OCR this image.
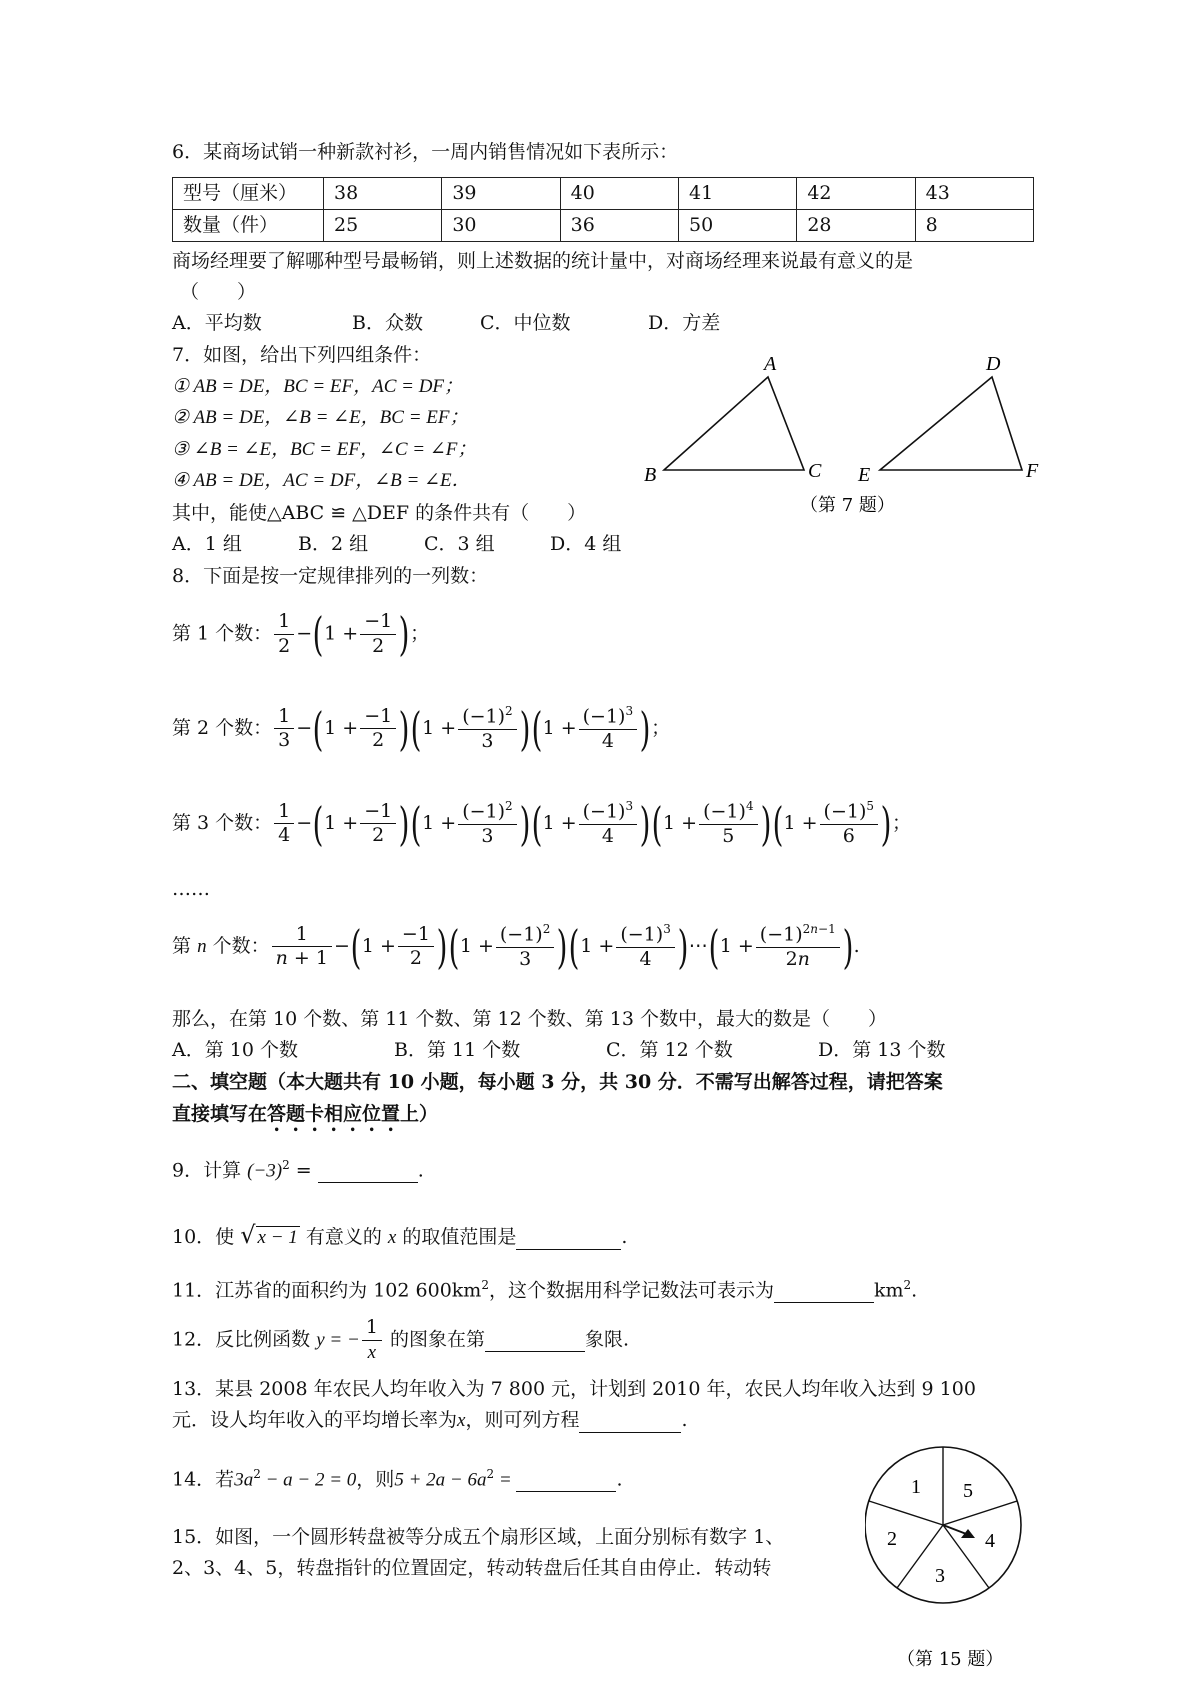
6．某商场试销一种新款衬衫，一周内销售情况如下表所示：
型号（厘米）	38	39	40	41	42	43
数量（件）	25	30	36	50	28	8
商场经理要了解哪种型号最畅销，则上述数据的统计量中，对商场经理来说最有意义的是
（　　）
A．平均数	B．众数	C．中位数	D．方差
7．如图，给出下列四组条件：
① AB = DE，BC = EF，AC = DF；
② AB = DE，∠B = ∠E，BC = EF；
③ ∠B = ∠E，BC = EF，∠C = ∠F；
④ AB = DE，AC = DF，∠B = ∠E．
其中，能使△ABC ≌ △DEF 的条件共有（　　）
A．1 组	B．2 组	C．3 组	D．4 组
A
B	C
D
E	F
（第 7 题）
8．下面是按一定规律排列的一列数：
第 1 个数： $\frac{1}{2} -(1 + \frac{-1}{2}$ )；
第 2 个数： $\frac{1}{3} -(1 + \frac{-1}{2} )(1 + \frac{(-1)^2}{3} )(1 + \frac{(-1)^3}{4}$ )；
第 3 个数： $\frac{1}{4} -(1 + \frac{-1}{2} )(1 + \frac{(-1)^2}{3} )(1 + \frac{(-1)^3}{4} )(1 + \frac{(-1)^4}{5} )(1 + \frac{(-1)^5}{6}$ )；
……
第 n 个数： $\frac{1}{n + 1} -(1 + \frac{-1}{2} )(1 + \frac{(-1)^2}{3} )(1 + \frac{(-1)^3}{4}$ )⋯(1 + $\frac{(-1)^{2n-1}}{2n}$ ).
那么，在第 10 个数、第 11 个数、第 12 个数、第 13 个数中，最大的数是（　　）
A．第 10 个数	B．第 11 个数	C．第 12 个数	D．第 13 个数
二、填空题（本大题共有 10 小题，每小题 3 分，共 30 分．不需写出解答过程，请把答案
直接填写在答题卡相应位置上）
9．计算 $(-3)^2$ =	.
10．使 √ x − 1 有意义的 x 的取值范围是	.
11．江苏省的面积约为 102 $600km^2$，这个数据用科学记数法可表示为	$km^2$.
12．反比例函数 y = − $\frac{1}{x}$ 的图象在第	象限.
13．某县 2008 年农民人均年收入为 7 800 元，计划到 2010 年，农民人均年收入达到 9 100
元．设人均年收入的平均增长率为x，则可列方程	.
14．若$3a^2 - a - 2 = 0$，则$5 + 2a - 6a^2$ =	.
15．如图，一个圆形转盘被等分成五个扇形区域，上面分别标有数字 1、
2、3、4、5，转盘指针的位置固定，转动转盘后任其自由停止．转动转
1 5
4
3
2
（第 15 题）
